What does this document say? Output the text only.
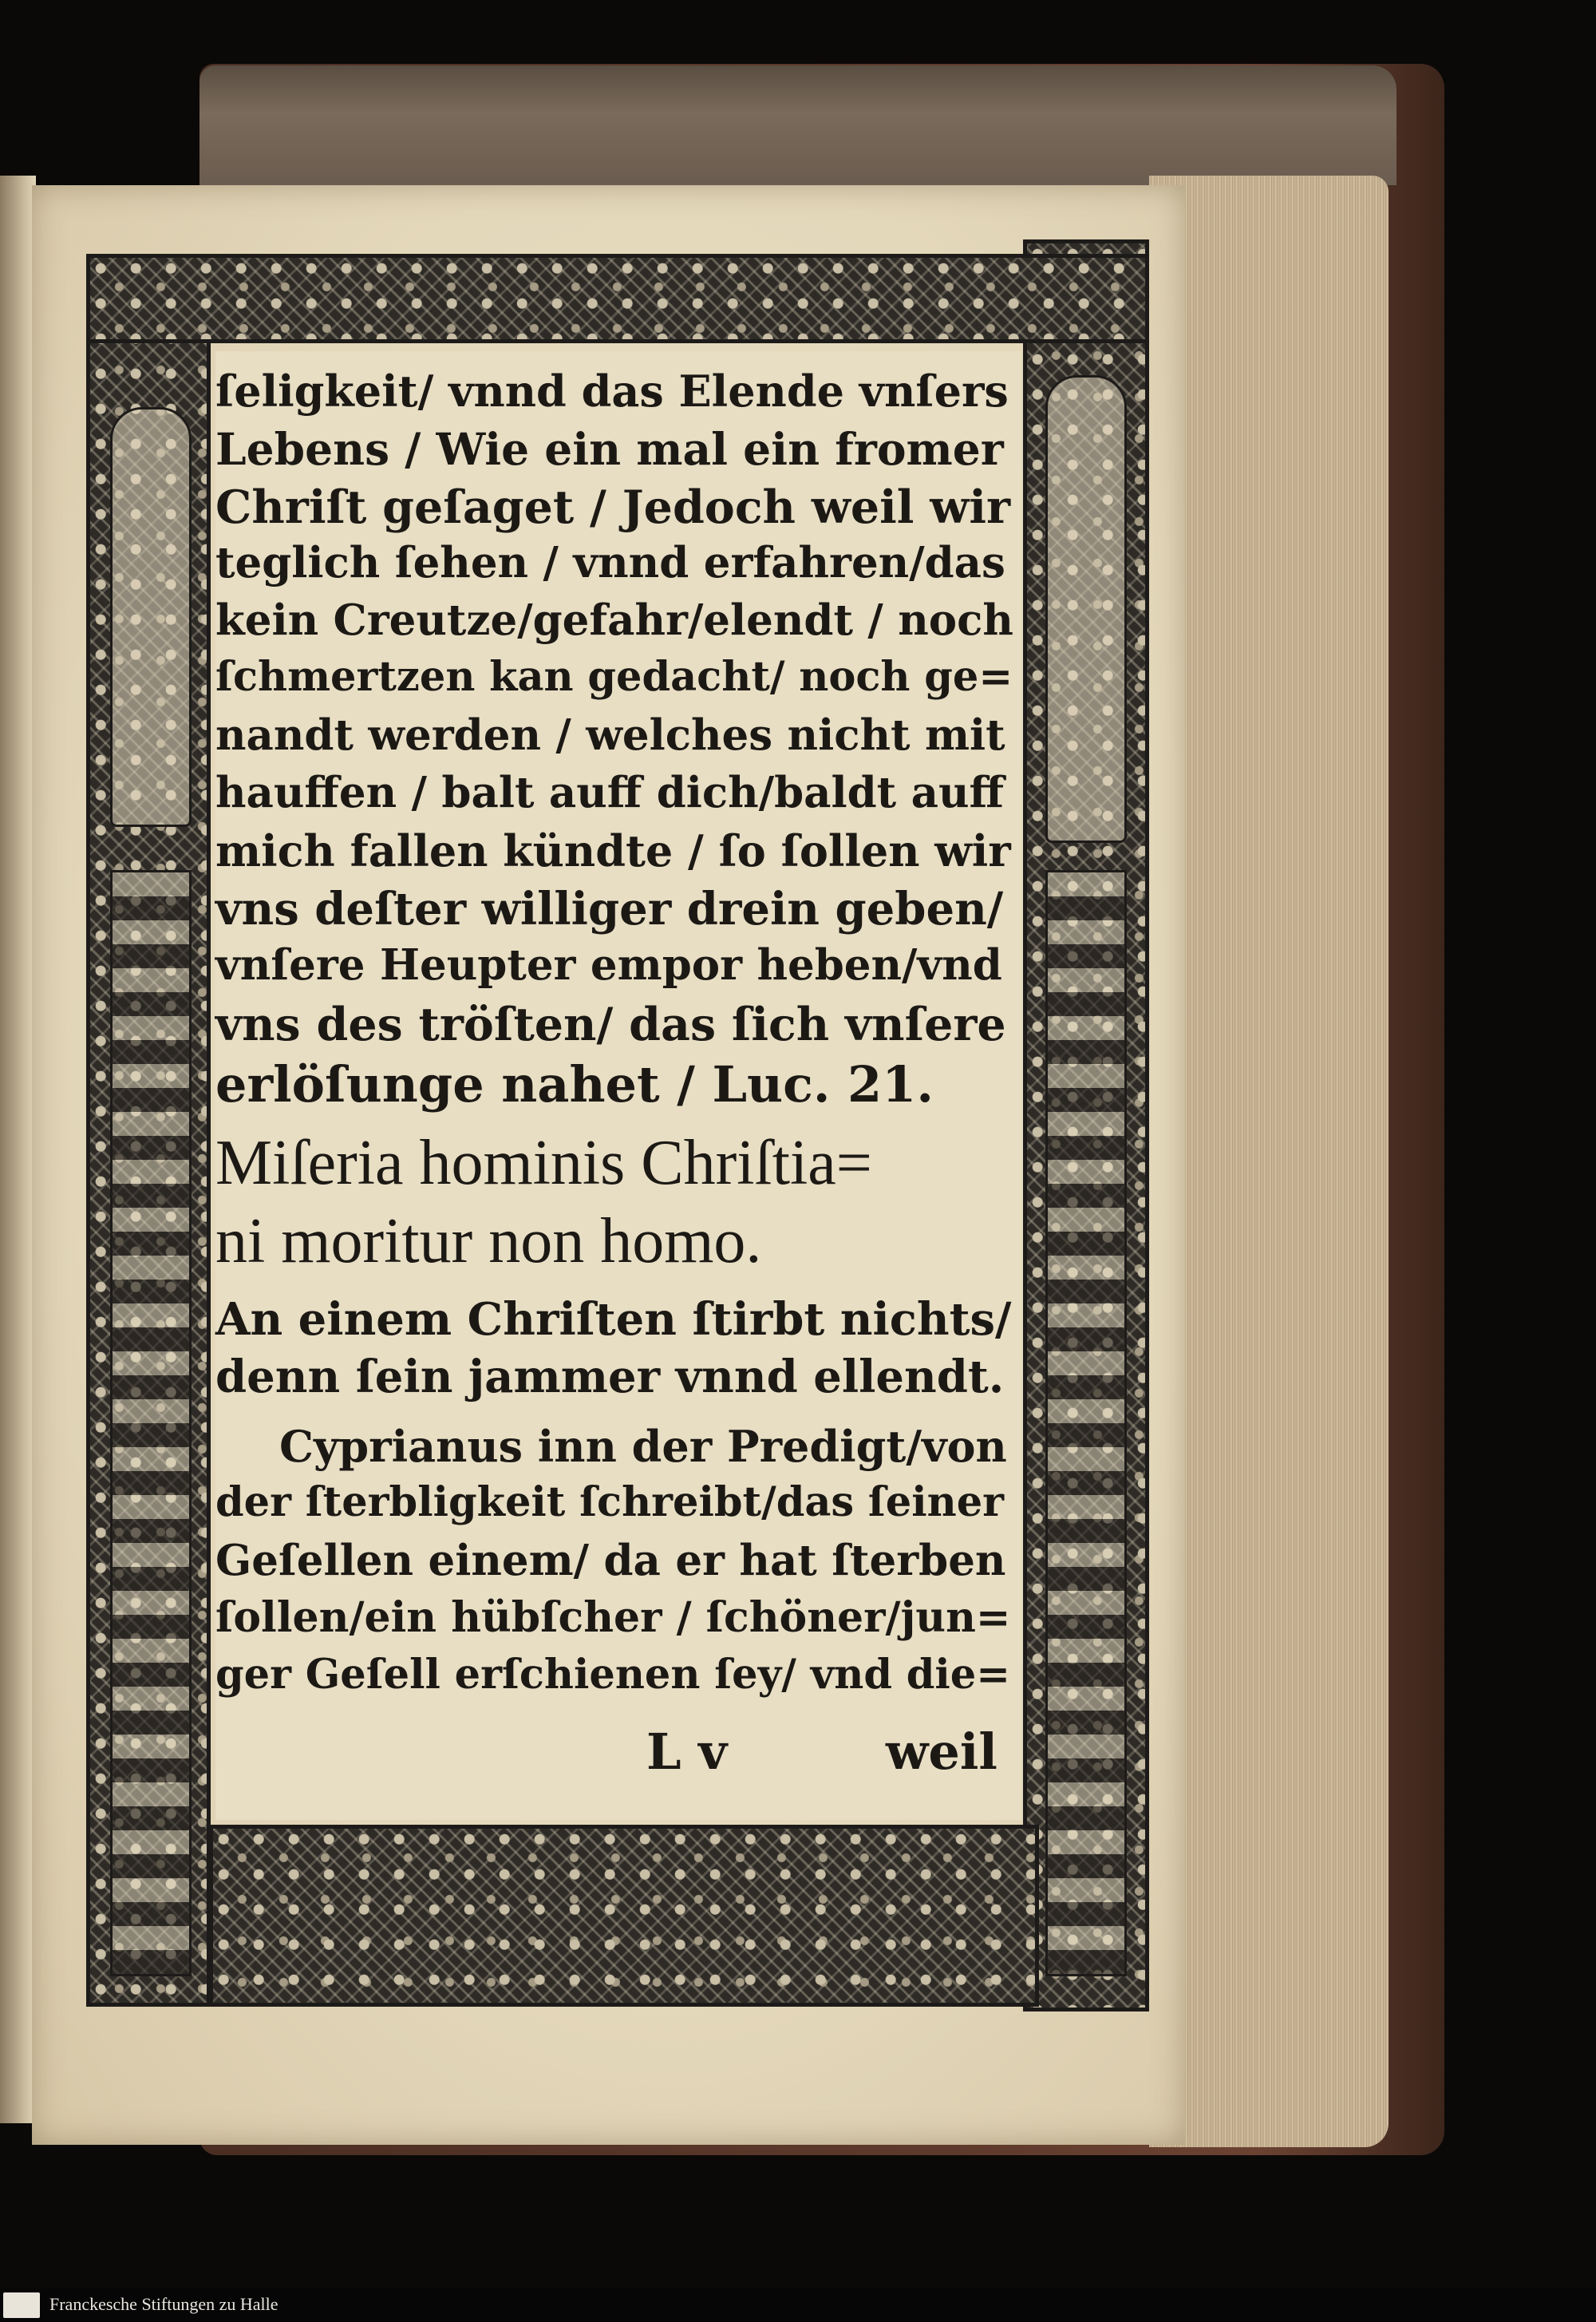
ſeligkeit/ vnnd das Elende vnſers
Lebens / Wie ein mal ein fromer
Chriſt geſaget / Jedoch weil wir
teglich ſehen / vnnd erfahren/das
kein Creutze/gefahr/elendt / noch
ſchmertzen kan gedacht/ noch ge=
nandt werden / welches nicht mit
hauffen / balt auff dich/baldt auff
mich fallen kündte / ſo ſollen wir
vns deſter williger drein geben/
vnſere Heupter empor heben/vnd
vns des tröſten/ das ſich vnſere
erlöſunge nahet / Luc. 21.
Miſeria hominis Chriſtia=
ni moritur non homo.
An einem Chriſten ſtirbt nichts/
denn ſein jammer vnnd ellendt.
Cyprianus inn der Predigt/von
der ſterbligkeit ſchreibt/das ſeiner
Geſellen einem/ da er hat ſterben
ſollen/ein hübſcher / ſchöner/jun=
ger Geſell erſchienen ſey/ vnd die=
L v	weil
Franckesche Stiftungen zu Halle
